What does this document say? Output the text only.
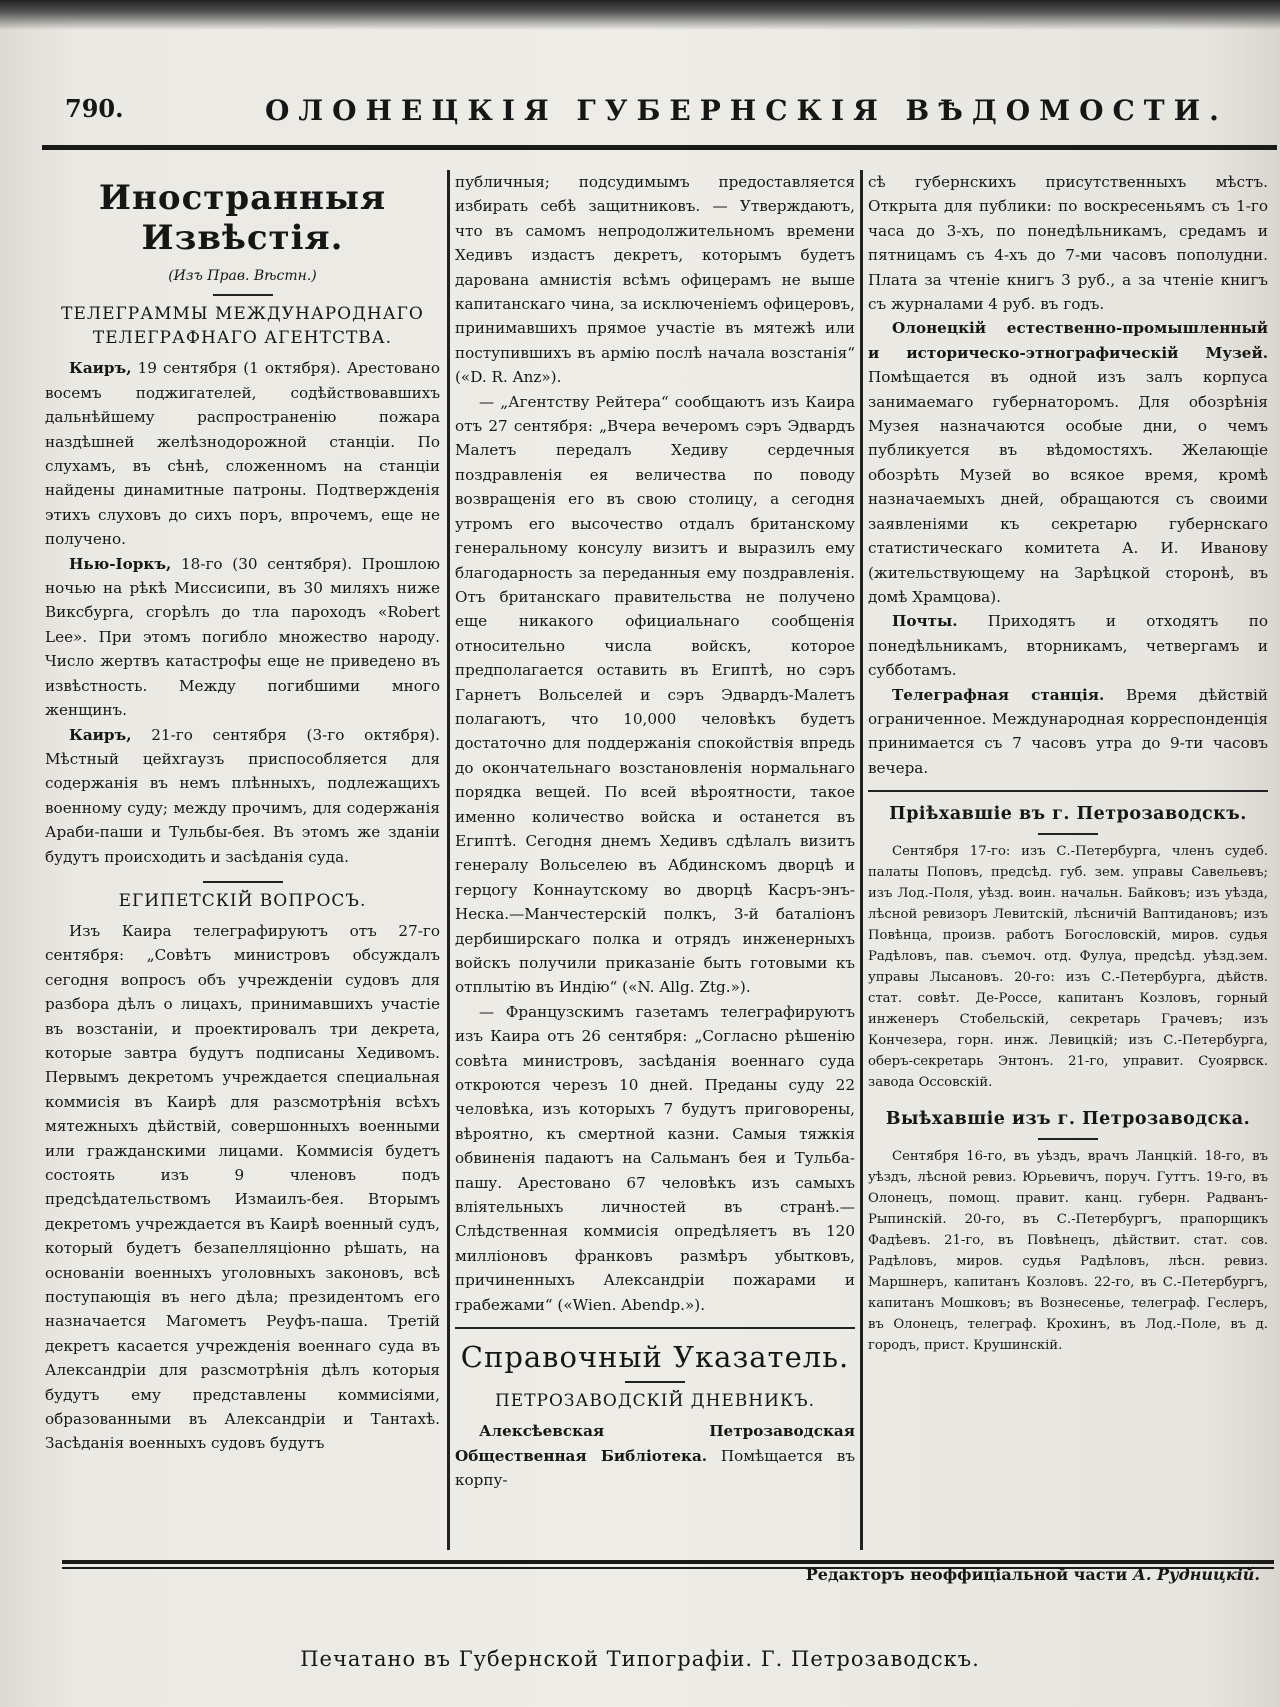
790.	ОЛОНЕЦКІЯ ГУБЕРНСКІЯ ВѢДОМОСТИ.
Иностранныя Извѣстія.
(Изъ Прав. Вѣстн.)
ТЕЛЕГРАММЫ МЕЖДУНАРОДНАГО ТЕЛЕГРАФНАГО АГЕНТСТВА.

Каиръ, 19 сентября (1 октября). Арестовано восемъ поджигателей, содѣйствовавшихъ дальнѣйшему распространенію пожара нaздѣшней желѣзнодорожной станціи. По слухамъ, въ сѣнѣ, сложенномъ на станціи найдены динамитные патроны. Подтвержденія этихъ слуховъ до сихъ поръ, впрочемъ, еще не получено.

Нью-Іоркъ, 18-го (30 сентября). Прошлою ночью на рѣкѣ Миссисипи, въ 30 миляхъ ниже Виксбурга, сгорѣлъ до тла пароходъ «Robert Lee». При этомъ погибло множество народу. Число жертвъ катастрофы еще не приведено въ извѣстность. Между погибшими много женщинъ.

Каиръ, 21-го сентября (3-го октября). Мѣстный цейхгаузъ приспособляется для содержанія въ немъ плѣнныхъ, подлежащихъ военному суду; между прочимъ, для содержанія Араби-паши и Тульбы-бея. Въ этомъ же зданіи будутъ происходить и засѣданія суда.

ЕГИПЕТСКІЙ ВОПРОСЪ.

Изъ Каира телеграфируютъ отъ 27-го сентября: „Совѣтъ министровъ обсуждалъ сегодня вопросъ объ учрежденіи судовъ для разбора дѣлъ о лицахъ, принимавшихъ участіе въ возстаніи, и проектировалъ три декрета, которые завтра будутъ подписаны Хедивомъ. Первымъ декретомъ учреждается специальная коммисія въ Каирѣ для разсмотрѣнія всѣхъ мятежныхъ дѣйствій, совершонныхъ военными или гражданскими лицами. Коммисія будетъ состоять изъ 9 членовъ подъ предсѣдательствомъ Измаилъ-бея. Вторымъ декретомъ учреждается въ Каирѣ военный судъ, который будетъ безапелляціонно рѣшать, на основаніи военныхъ уголовныхъ законовъ, всѣ поступающія въ него дѣла; президентомъ его назначается Магометъ Реуфъ-паша. Третій декретъ касается учрежденія военнаго суда въ Александріи для разсмотрѣнія дѣлъ которыя будутъ ему представлены коммисіями, образованными въ Александріи и Тантахѣ. Засѣданія военныхъ судовъ будутъ

публичныя; подсудимымъ предоставляется избирать себѣ защитниковъ. — Утверждаютъ, что въ самомъ непродолжительномъ времени Хедивъ издастъ декретъ, которымъ будетъ дарована амнистія всѣмъ офицерамъ не выше капитанскаго чина, за исключеніемъ офицеровъ, принимавшихъ прямое участіе въ мятежѣ или поступившихъ въ армію послѣ начала возстанія“ («D. R. Anz»).

— „Агентству Рейтера“ сообщаютъ изъ Каира отъ 27 сентября: „Вчера вечеромъ сэръ Эдвардъ Малетъ передалъ Хедиву сердечныя поздравленія ея величества по поводу возвращенія его въ свою столицу, а сегодня утромъ его высочество отдалъ британскому генеральному консулу визитъ и выразилъ ему благодарность за переданныя ему поздравленія. Отъ британскаго правительства не получено еще никакого официальнаго сообщенія относительно числа войскъ, которое предполагается оставить въ Египтѣ, но сэръ Гарнетъ Вольселей и сэръ Эдвардъ-Малетъ полагаютъ, что 10,000 человѣкъ будетъ достаточно для поддержанія спокойствія впредь до окончательнаго возстановленія нормальнаго порядка вещей. По всей вѣроятности, такое именно количество войска и останется въ Египтѣ. Сегодня днемъ Хедивъ сдѣлалъ визитъ генералу Вольселею въ Абдинскомъ дворцѣ и герцогу Коннаутскому во дворцѣ Касръ-энъ-Неска.—Манчестерскій полкъ, 3-й баталіонъ дербиширскаго полка и отрядъ инженерныхъ войскъ получили приказаніе быть готовыми къ отплытію въ Индію“ («N. Allg. Ztg.»).

— Французскимъ газетамъ телеграфируютъ изъ Каира отъ 26 сентября: „Согласно рѣшенію совѣта министровъ, засѣданія военнаго суда откроются черезъ 10 дней. Преданы суду 22 человѣка, изъ которыхъ 7 будутъ приговорены, вѣроятно, къ смертной казни. Самыя тяжкія обвиненія падаютъ на Сальманъ бея и Тульба-пашу. Арестовано 67 человѣкъ изъ самыхъ вліятельныхъ личностей въ странѣ.—Слѣдственная коммисія опредѣляетъ въ 120 милліоновъ франковъ размѣръ убытковъ, причиненныхъ Александріи пожарами и грабежами“ («Wien. Abendp.»).

Справочный Указатель.
ПЕТРОЗАВОДСКІЙ ДНЕВНИКЪ.

Алексѣевская Петрозаводская Общественная Библіотека. Помѣщается въ корпу-

сѣ губернскихъ присутственныхъ мѣстъ. Открыта для публики: по воскресеньямъ съ 1-го часа до 3-хъ, по понедѣльникамъ, средамъ и пятницамъ съ 4-хъ до 7-ми часовъ пополудни. Плата за чтеніе книгъ 3 руб., а за чтеніе книгъ съ журналами 4 руб. въ годъ.

Олонецкій естественно-промышленный и историческо-этнографическій Музей. Помѣщается въ одной изъ залъ корпуса занимаемаго губернаторомъ. Для обозрѣнія Музея назначаются особые дни, о чемъ публикуется въ вѣдомостяхъ. Желающіе обозрѣть Музей во всякое время, кромѣ назначаемыхъ дней, обращаются съ своими заявленіями къ секретарю губернскаго статистическаго комитета А. И. Иванову (жительствующему на Зарѣцкой сторонѣ, въ домѣ Храмцова).

Почты. Приходятъ и отходятъ по понедѣльникамъ, вторникамъ, четвергамъ и субботамъ.

Телеграфная станція. Время дѣйствій ограниченное. Международная корреспонденція принимается съ 7 часовъ утра до 9-ти часовъ вечера.

Пріѣхавшіе въ г. Петрозаводскъ.

Сентября 17-го: изъ С.-Петербурга, членъ судеб. палаты Поповъ, предсѣд. губ. зем. управы Савельевъ; изъ Лод.-Поля, уѣзд. воин. начальн. Байковъ; изъ уѣзда, лѣсной ревизоръ Левитскій, лѣсничій Ваптидановъ; изъ Повѣнца, произв. работъ Богословскій, миров. судья Радѣловъ, пав. съемоч. отд. Фулуа, предсѣд. уѣзд.зем. управы Лысановъ. 20-го: изъ С.-Петербурга, дѣйств. стат. совѣт. Де-Россе, капитанъ Козловъ, горный инженеръ Стобельскій, секретарь Грачевъ; изъ Кончезера, горн. инж. Левицкій; изъ С.-Петербурга, оберъ-секретарь Энтонъ. 21-го, управит. Суоярвск. завода Оссовскій.

Выѣхавшіе изъ г. Петрозаводска.

Сентября 16-го, въ уѣздъ, врачъ Ланцкій. 18-го, въ уѣздъ, лѣсной ревиз. Юрьевичъ, поруч. Гуттъ. 19-го, въ Олонецъ, помощ. правит. канц. губерн. Радванъ-Рыпинскій. 20-го, въ С.-Петербургъ, прапорщикъ Фадѣевъ. 21-го, въ Повѣнецъ, дѣйствит. стат. сов. Радѣловъ, миров. судья Радѣловъ, лѣсн. ревиз. Маршнеръ, капитанъ Козловъ. 22-го, въ С.-Петербургъ, капитанъ Мошковъ; въ Вознесенье, телеграф. Геслеръ, въ Олонецъ, телеграф. Крохинъ, въ Лод.-Поле, въ д. городъ, прист. Крушинскій.

Редакторъ неоффиціальной части А. Рудницкій.
Печатано въ Губернской Типографіи. Г. Петрозаводскъ.
